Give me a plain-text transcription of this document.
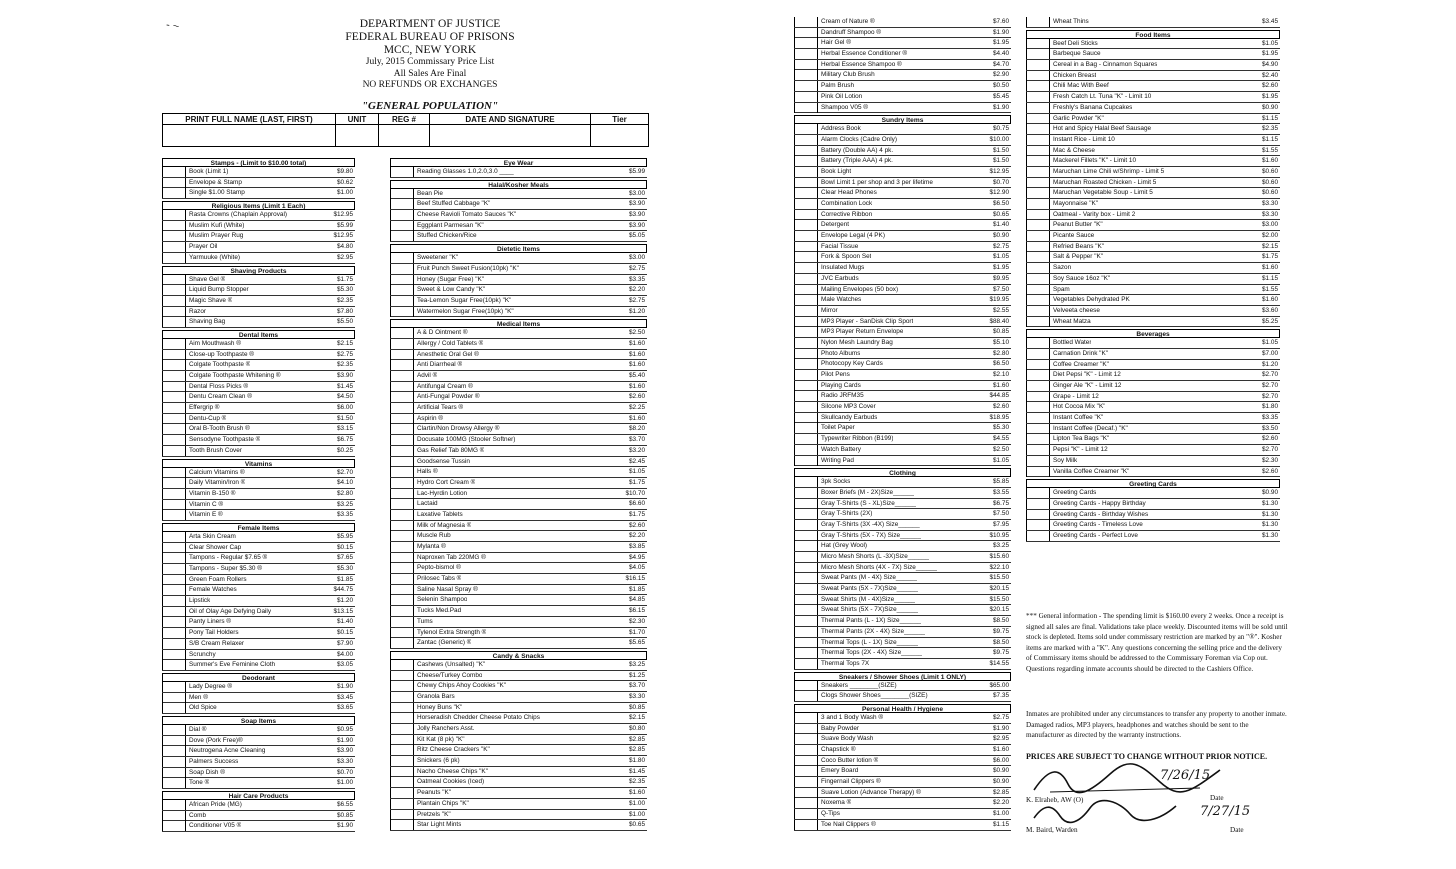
- ~	DEPARTMENT OF JUSTICE
FEDERAL BUREAU OF PRISONS
MCC, NEW YORK
July, 2015 Commissary Price List
All Sales Are Final
NO REFUNDS OR EXCHANGES
"GENERAL POPULATION"
PRINT FULL NAME (LAST, FIRST)	UNIT	REG #	DATE AND SIGNATURE	Tier

Stamps - (Limit to $10.00 total)
Book (Limit 1)	$9.80
Envelope & Stamp	$0.62
Single $1.00 Stamp	$1.00
Religious Items (Limit 1 Each)
Rasta Crowns (Chaplain Approval)	$12.95
Muslim Kufi (White)	$5.99
Muslim Prayer Rug	$12.95
Prayer Oil	$4.80
Yarmuuke (White)	$2.95
Shaving Products
Shave Gel ®	$1.75
Liquid Bump Stopper	$5.30
Magic Shave ®	$2.35
Razor	$7.80
Shaving Bag	$5.50
Dental Items
Aim Mouthwash ®	$2.15
Close-up Toothpaste ®	$2.75
Colgate Toothpaste ®	$2.35
Colgate Toothpaste Whitening ®	$3.90
Dental Floss Picks ®	$1.45
Dentu Cream Clean ®	$4.50
Effergrip ®	$6.00
Dentu-Cup ®	$1.50
Oral B-Tooth Brush ®	$3.15
Sensodyne Toothpaste ®	$6.75
Tooth Brush Cover	$0.25
Vitamins
Calcium Vitamins ®	$2.70
Daily Vitamin/Iron ®	$4.10
Vitamin B-150 ®	$2.80
Vitamin C ®	$3.25
Vitamin E ®	$3.35
Female Items
Arta Skin Cream	$5.95
Clear Shower Cap	$0.15
Tampons - Regular $7.65 ®	$7.65
Tampons - Super $5.30 ®	$5.30
Green Foam Rollers	$1.85
Female Watches	$44.75
Lipstick	$1.20
Oil of Olay Age Defying Daily	$13.15
Panty Liners ®	$1.40
Pony Tail Holders	$0.15
S/B Cream Relaxer	$7.90
Scrunchy	$4.00
Summer's Eve Feminine Cloth	$3.05
Deodorant
Lady Degree ®	$1.90
Men ®	$3.45
Old Spice	$3.65
Soap Items
Dial ®	$0.95
Dove (Pork Free)®	$1.90
Neutrogena Acne Cleaning	$3.90
Palmers Success	$3.30
Soap Dish ®	$0.70
Tone ®	$1.00
Hair Care Products
African Pride (MG)	$6.55
Comb	$0.85
Conditioner V05 ®	$1.90
Eye Wear
Reading Glasses 1.0,2.0,3.0 ____	$5.99
Halal/Kosher Meals
Bean Pie	$3.00
Beef Stuffed Cabbage "K"	$3.90
Cheese Ravioli Tomato Sauces "K"	$3.90
Eggplant Parmesan "K"	$3.90
Stuffed Chicken/Rice	$5.05
Dietetic Items
Sweetener "K"	$3.00
Fruit Punch Sweet Fusion(10pk) "K"	$2.75
Honey (Sugar Free) "K"	$3.35
Sweet & Low Candy "K"	$2.20
Tea-Lemon Sugar Free(10pk) "K"	$2.75
Watermelon Sugar Free(10pk) "K"	$1.20
Medical Items
A & D Ointment ®	$2.50
Allergy / Cold Tablets ®	$1.60
Anesthetic Oral Gel ®	$1.60
Anti Diarrheal ®	$1.60
Advil ®	$5.40
Antifungal Cream ®	$1.60
Anti-Fungal Powder ®	$2.60
Artificial Tears ®	$2.25
Aspirin ®	$1.60
Clartin/Non Drowsy Allergy ®	$8.20
Docusate 100MG (Stooler Softner)	$3.70
Gas Relief Tab 80MG ®	$3.20
Goodsense Tussin	$2.45
Halls ®	$1.05
Hydro Cort Cream ®	$1.75
Lac-Hyrdin Lotion	$10.70
Lactaid	$6.60
Laxative Tablets	$1.75
Milk of Magnesia ®	$2.60
Muscle Rub	$2.20
Mylanta ®	$3.85
Naproxen Tab 220MG ®	$4.95
Pepto-bismol ®	$4.05
Prilosec Tabs ®	$16.15
Saline Nasal Spray ®	$1.85
Selenin Shampoo	$4.85
Tucks Med.Pad	$6.15
Tums	$2.30
Tylenol Extra Strength ®	$1.70
Zantac (Generic) ®	$5.65
Candy & Snacks
Cashews (Unsalted) "K"	$3.25
Cheese/Turkey Combo	$1.25
Chewy Chips Ahoy Cookies "K"	$3.70
Granola Bars	$3.30
Honey Buns "K"	$0.85
Horseradish Chedder Cheese Potato Chips	$2.15
Jolly Ranchers Asst.	$0.80
Kit Kat (8 pk) "K"	$2.85
Ritz Cheese Crackers "K"	$2.85
Snickers (6 pk)	$1.80
Nacho Cheese Chips "K"	$1.45
Oatmeal Cookies (Iced)	$2.35
Peanuts "K"	$1.60
Plantain Chips "K"	$1.00
Pretzels "K"	$1.00
Star Light Mints	$0.65
Cream of Nature ®	$7.60
Dandruff Shampoo ®	$1.90
Hair Gel ®	$1.95
Herbal Essence Conditioner ®	$4.40
Herbal Essence Shampoo ®	$4.70
Military Club Brush	$2.90
Palm Brush	$0.50
Pink Oil Lotion	$5.45
Shampoo V05 ®	$1.90
Sundry Items
Address Book	$0.75
Alarm Clocks (Cadre Only)	$10.00
Battery (Double AA) 4 pk.	$1.50
Battery (Triple AAA) 4 pk.	$1.50
Book Light	$12.95
Bowl Limit 1 per shop and 3 per lifetime	$0.70
Clear Head Phones	$12.90
Combination Lock	$6.50
Corrective Ribbon	$0.65
Detergent	$1.40
Envelope Legal (4 PK)	$0.90
Facial Tissue	$2.75
Fork & Spoon Set	$1.05
Insulated Mugs	$1.95
JVC Earbuds	$9.95
Mailing Envelopes (50 box)	$7.50
Male Watches	$19.95
Mirror	$2.55
MP3 Player - SanDisk Clip Sport	$88.40
MP3 Player Return Envelope	$0.85
Nylon Mesh Laundry Bag	$5.10
Photo Albums	$2.80
Photocopy Key Cards	$6.50
Pilot Pens	$2.10
Playing Cards	$1.60
Radio JRFM35	$44.85
Silcone MP3 Cover	$2.60
Skullcandy Earbuds	$18.95
Toilet Paper	$5.30
Typewriter Ribbon (B199)	$4.55
Watch Battery	$2.50
Writing Pad	$1.05
Clothing
3pk Socks	$5.85
Boxer Briefs (M - 2X)Size______	$3.55
Gray T-Shirts (S - XL)Size______	$6.75
Gray T-Shirts (2X)	$7.50
Gray T-Shirts (3X -4X) Size______	$7.95
Gray T-Shirts (5X - 7X) Size______	$10.95
Hat (Grey Wool)	$3.25
Micro Mesh Shorts (L -3X)Size______	$15.60
Micro Mesh Shorts (4X - 7X) Size______	$22.10
Sweat Pants (M - 4X) Size______	$15.50
Sweat Pants (5X - 7X)Size______	$20.15
Sweat Shirts (M - 4X)Size______	$15.50
Sweat Shirts (5X - 7X)Size______	$20.15
Thermal Pants (L - 1X) Size______	$8.50
Thermal Pants (2X - 4X) Size______	$9.75
Thermal Tops (L - 1X) Size______	$8.50
Thermal Tops (2X - 4X) Size______	$9.75
Thermal Tops 7X	$14.55
Sneakers / Shower Shoes (Limit 1 ONLY)
Sneakers ________(SIZE)	$65.00
Clogs Shower Shoes________(SIZE)	$7.35
Personal Health / Hygiene
3 and 1 Body Wash ®	$2.75
Baby Powder	$1.90
Suave Body Wash	$2.95
Chapstick ®	$1.60
Coco Butter lotion ®	$6.00
Emery Board	$0.90
Fingernail Clippers ®	$0.90
Suave Lotion (Advance Therapy) ®	$2.85
Noxema ®	$2.20
Q-Tips	$1.00
Toe Nail Clippers ®	$1.15
Wheat Thins	$3.45
Food Items
Beef Deli Sticks	$1.05
Barbeque Sauce	$1.95
Cereal in a Bag - Cinnamon Squares	$4.90
Chicken Breast	$2.40
Chili Mac With Beef	$2.60
Fresh Catch Lt. Tuna "K" - Limit 10	$1.95
Freshly's Banana Cupcakes	$0.90
Garlic Powder "K"	$1.15
Hot and Spicy Halal Beef Sausage	$2.35
Instant Rice - Limit 10	$1.15
Mac & Cheese	$1.55
Mackerel Fillets "K" - Limit 10	$1.60
Maruchan Lime Chili w/Shrimp - Limit 5	$0.60
Maruchan Roasted Chicken - Limit 5	$0.60
Maruchan Vegetable Soup - Limit 5	$0.60
Mayonnaise "K"	$3.30
Oatmeal - Varity box - Limit 2	$3.30
Peanut Butter "K"	$3.00
Picante Sauce	$2.00
Refried Beans "K"	$2.15
Salt & Pepper "K"	$1.75
Sazon	$1.60
Soy Sauce 16oz "K"	$1.15
Spam	$1.55
Vegetables Dehydrated PK	$1.60
Velveeta cheese	$3.60
Wheat Matza	$5.25
Beverages
Bottled Water	$1.05
Carnation Drink "K"	$7.00
Coffee Creamer "K"	$1.20
Diet Pepsi "K" - Limit 12	$2.70
Ginger Ale "K" - Limit 12	$2.70
Grape - Limit 12	$2.70
Hot Cocoa Mix "K"	$1.80
Instant Coffee "K"	$3.35
Instant Coffee (Decaf.) "K"	$3.50
Lipton Tea Bags "K"	$2.60
Pepsi "K" - Limit 12	$2.70
Soy Milk	$2.30
Vanilla Coffee Creamer "K"	$2.60
Greeting Cards
Greeting Cards	$0.90
Greeting Cards - Happy Birthday	$1.30
Greeting Cards - Birthday Wishes	$1.30
Greeting Cards - Timeless Love	$1.30
Greeting Cards - Perfect Love	$1.30
*** General information - The spending limit is $160.00 every 2 weeks. Once a receipt is signed all sales are final. Validations take place weekly. Discounted items will be sold until stock is depleted. Items sold under commissary restriction are marked by an "®". Kosher items are marked with a "K". Any questions concerning the selling price and the delivery of Commissary items should be addressed to the Commissary Foreman via Cop out. Questions regarding inmate accounts should be directed to the Cashiers Office.
Inmates are prohibited under any circumstances to transfer any property to another inmate. Damaged radios, MP3 players, headphones and watches should be sent to the manufacturer as directed by the warranty instructions.
PRICES ARE SUBJECT TO CHANGE WITHOUT PRIOR NOTICE.
7/26/15
K. Elraheb, AW (O)	Date
7/27/15
M. Baird, Warden	Date
